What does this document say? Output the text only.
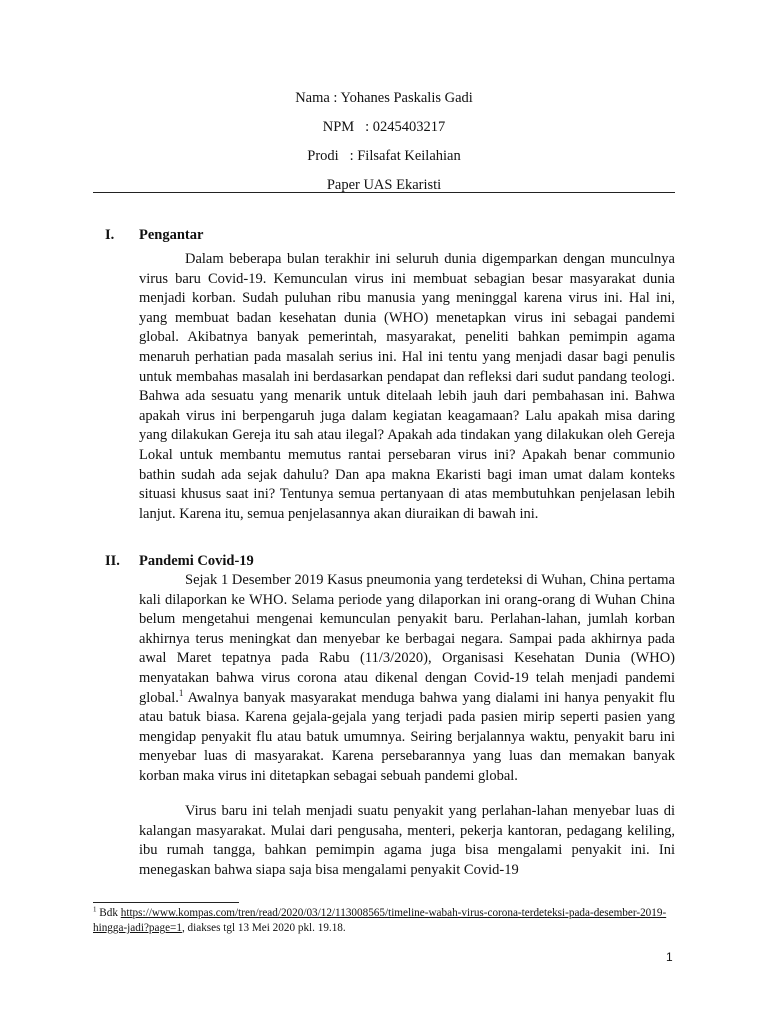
Nama : Yohanes Paskalis Gadi
NPM   : 0245403217
Prodi   : Filsafat Keilahian
Paper UAS Ekaristi
I. Pengantar

Dalam beberapa bulan terakhir ini seluruh dunia digemparkan dengan munculnya virus baru Covid-19. Kemunculan virus ini membuat sebagian besar masyarakat dunia menjadi korban. Sudah puluhan ribu manusia yang meninggal karena virus ini. Hal ini, yang membuat badan kesehatan dunia (WHO) menetapkan virus ini sebagai pandemi global. Akibatnya banyak pemerintah, masyarakat, peneliti bahkan pemimpin agama menaruh perhatian pada masalah serius ini. Hal ini tentu yang menjadi dasar bagi penulis untuk membahas masalah ini berdasarkan pendapat dan refleksi dari sudut pandang teologi. Bahwa ada sesuatu yang menarik untuk ditelaah lebih jauh dari pembahasan ini. Bahwa apakah virus ini berpengaruh juga dalam kegiatan keagamaan? Lalu apakah misa daring yang dilakukan Gereja itu sah atau ilegal? Apakah ada tindakan yang dilakukan oleh Gereja Lokal untuk membantu memutus rantai persebaran virus ini? Apakah benar communio bathin sudah ada sejak dahulu? Dan apa makna Ekaristi bagi iman umat dalam konteks situasi khusus saat ini? Tentunya semua pertanyaan di atas membutuhkan penjelasan lebih lanjut. Karena itu, semua penjelasannya akan diuraikan di bawah ini.

II. Pandemi Covid-19

Sejak 1 Desember 2019 Kasus pneumonia yang terdeteksi di Wuhan, China pertama kali dilaporkan ke WHO. Selama periode yang dilaporkan ini orang-orang di Wuhan China belum mengetahui mengenai kemunculan penyakit baru. Perlahan-lahan, jumlah korban akhirnya terus meningkat dan menyebar ke berbagai negara. Sampai pada akhirnya pada awal Maret tepatnya pada Rabu (11/3/2020), Organisasi Kesehatan Dunia (WHO) menyatakan bahwa virus corona atau dikenal dengan Covid-19 telah menjadi pandemi global.$^1$ Awalnya banyak masyarakat menduga bahwa yang dialami ini hanya penyakit flu atau batuk biasa. Karena gejala-gejala yang terjadi pada pasien mirip seperti pasien yang mengidap penyakit flu atau batuk umumnya. Seiring berjalannya waktu, penyakit baru ini menyebar luas di masyarakat. Karena persebarannya yang luas dan memakan banyak korban maka virus ini ditetapkan sebagai sebuah pandemi global.

Virus baru ini telah menjadi suatu penyakit yang perlahan-lahan menyebar luas di kalangan masyarakat. Mulai dari pengusaha, menteri, pekerja kantoran, pedagang keliling, ibu rumah tangga, bahkan pemimpin agama juga bisa mengalami penyakit ini. Ini menegaskan bahwa siapa saja bisa mengalami penyakit Covid-19

$^1$ Bdk https://www.kompas.com/tren/read/2020/03/12/113008565/timeline-wabah-virus-corona-terdeteksi-pada-desember-2019-hingga-jadi?page=1, diakses tgl 13 Mei 2020 pkl. 19.18.

1
